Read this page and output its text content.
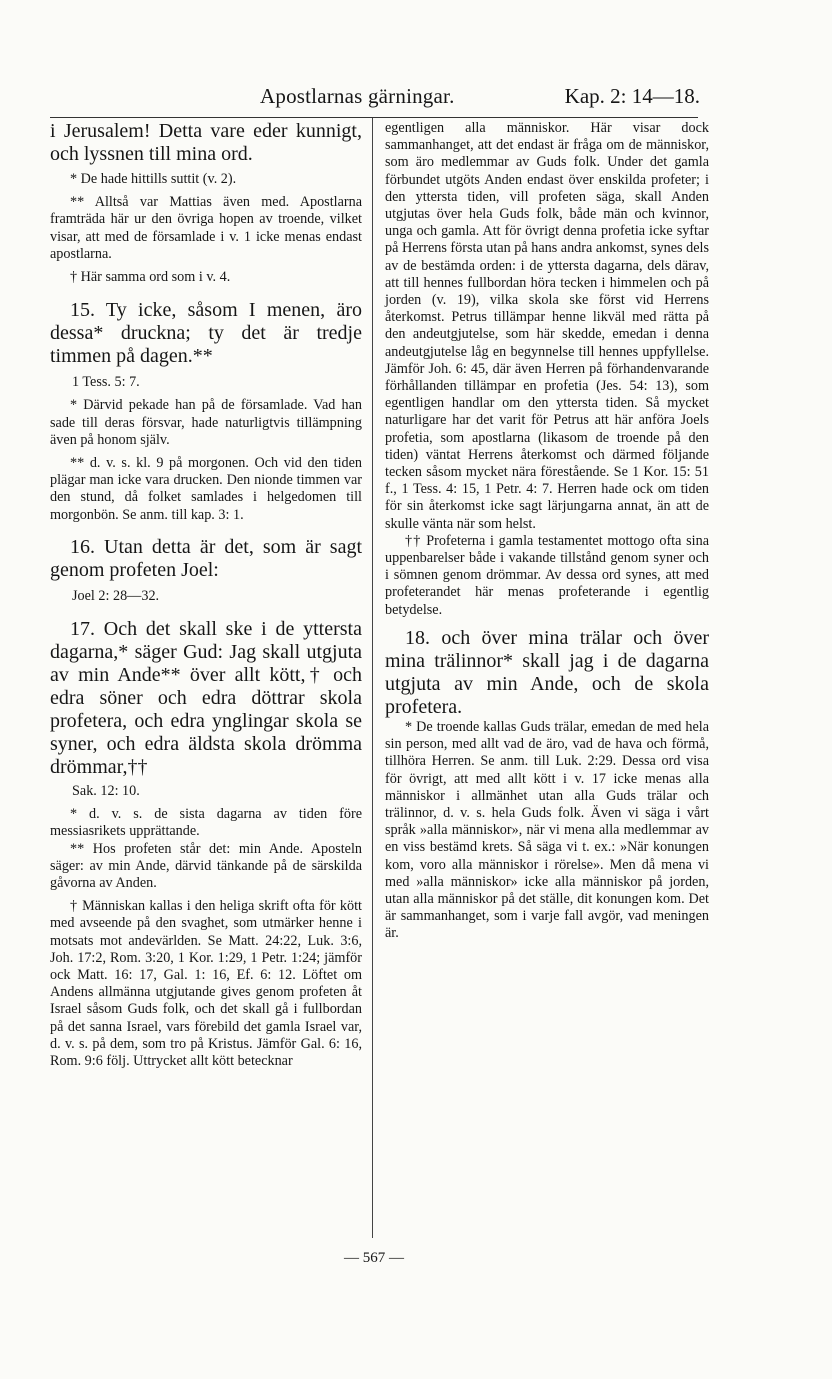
Apostlarnas gärningar.	Kap. 2: 14—18.

i Jerusalem! Detta vare eder kunnigt, och lyssnen till mina ord.

* De hade hittills suttit (v. 2).

** Alltså var Mattias även med. Apostlarna framträda här ur den övriga hopen av troende, vilket visar, att med de församlade i v. 1 icke menas endast apostlarna.

† Här samma ord som i v. 4.

15. Ty icke, såsom I menen, äro dessa* druckna; ty det är tredje timmen på dagen.**

1 Tess. 5: 7.

* Därvid pekade han på de församlade. Vad han sade till deras försvar, hade naturligtvis tillämpning även på honom själv.

** d. v. s. kl. 9 på morgonen. Och vid den tiden plägar man icke vara drucken. Den nionde timmen var den stund, då folket samlades i helgedomen till morgonbön. Se anm. till kap. 3: 1.

16. Utan detta är det, som är sagt genom profeten Joel:

Joel 2: 28—32.

17. Och det skall ske i de yttersta dagarna,* säger Gud: Jag skall utgjuta av min Ande** över allt kött,† och edra söner och edra döttrar skola profetera, och edra ynglingar skola se syner, och edra äldsta skola drömma drömmar,††

Sak. 12: 10.

* d. v. s. de sista dagarna av tiden före messiasrikets upprättande.

** Hos profeten står det: min Ande. Aposteln säger: av min Ande, därvid tänkande på de särskilda gåvorna av Anden.

† Människan kallas i den heliga skrift ofta för kött med avseende på den svaghet, som utmärker henne i motsats mot andevärlden. Se Matt. 24:22, Luk. 3:6, Joh. 17:2, Rom. 3:20, 1 Kor. 1:29, 1 Petr. 1:24; jämför ock Matt. 16: 17, Gal. 1: 16, Ef. 6: 12. Löftet om Andens allmänna utgjutande gives genom profeten åt Israel såsom Guds folk, och det skall gå i fullbordan på det sanna Israel, vars förebild det gamla Israel var, d. v. s. på dem, som tro på Kristus. Jämför Gal. 6: 16, Rom. 9:6 följ. Uttrycket allt kött betecknar

egentligen alla människor. Här visar dock sammanhanget, att det endast är fråga om de människor, som äro medlemmar av Guds folk. Under det gamla förbundet utgöts Anden endast över enskilda profeter; i den yttersta tiden, vill profeten säga, skall Anden utgjutas över hela Guds folk, både män och kvinnor, unga och gamla. Att för övrigt denna profetia icke syftar på Herrens första utan på hans andra ankomst, synes dels av de bestämda orden: i de yttersta dagarna, dels därav, att till hennes fullbordan höra tecken i himmelen och på jorden (v. 19), vilka skola ske först vid Herrens återkomst. Petrus tillämpar henne likväl med rätta på den andeutgjutelse, som här skedde, emedan i denna andeutgjutelse låg en begynnelse till hennes uppfyllelse. Jämför Joh. 6: 45, där även Herren på förhandenvarande förhållanden tillämpar en profetia (Jes. 54: 13), som egentligen handlar om den yttersta tiden. Så mycket naturligare har det varit för Petrus att här anföra Joels profetia, som apostlarna (likasom de troende på den tiden) väntat Herrens återkomst och därmed följande tecken såsom mycket nära förestående. Se 1 Kor. 15: 51 f., 1 Tess. 4: 15, 1 Petr. 4: 7. Herren hade ock om tiden för sin återkomst icke sagt lärjungarna annat, än att de skulle vänta när som helst.

†† Profeterna i gamla testamentet mottogo ofta sina uppenbarelser både i vakande tillstånd genom syner och i sömnen genom drömmar. Av dessa ord synes, att med profeterandet här menas profeterande i egentlig betydelse.

18. och över mina trälar och över mina trälinnor* skall jag i de dagarna utgjuta av min Ande, och de skola profetera.

* De troende kallas Guds trälar, emedan de med hela sin person, med allt vad de äro, vad de hava och förmå, tillhöra Herren. Se anm. till Luk. 2:29. Dessa ord visa för övrigt, att med allt kött i v. 17 icke menas alla människor i allmänhet utan alla Guds trälar och trälinnor, d. v. s. hela Guds folk. Även vi säga i vårt språk »alla människor», när vi mena alla medlemmar av en viss bestämd krets. Så säga vi t. ex.: »När konungen kom, voro alla människor i rörelse». Men då mena vi med »alla människor» icke alla människor på jorden, utan alla människor på det ställe, dit konungen kom. Det är sammanhanget, som i varje fall avgör, vad meningen är.

— 567 —
